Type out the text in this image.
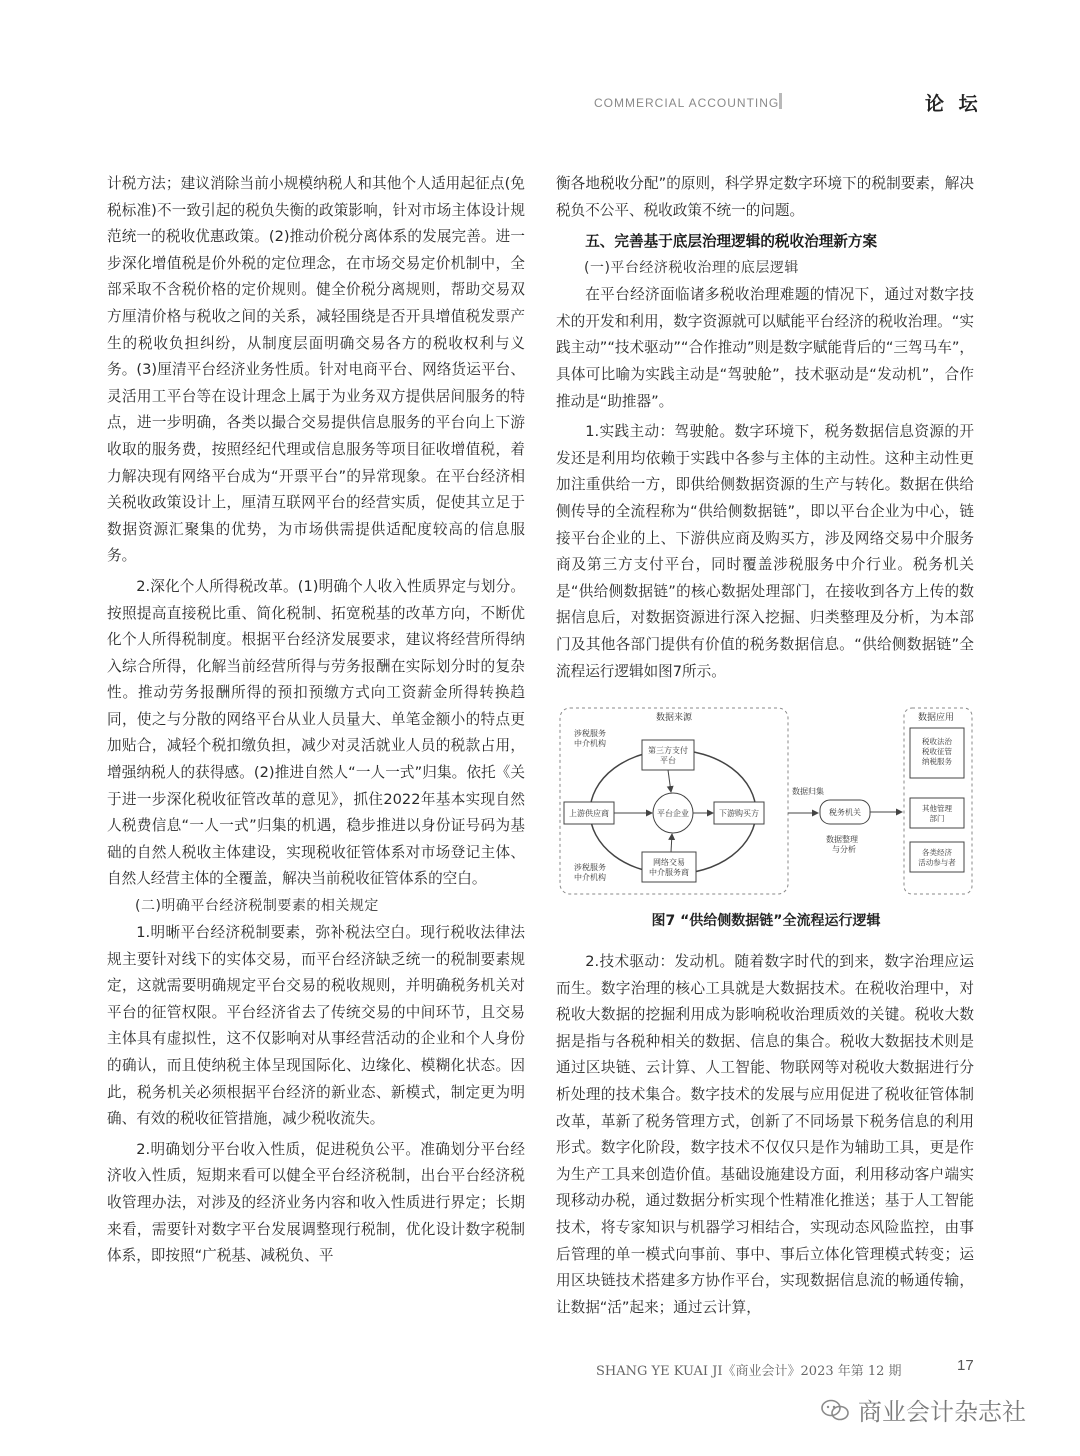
COMMERCIAL ACCOUNTING	论 坛

计税方法；建议消除当前小规模纳税人和其他个人适用起征点(免税标准)不一致引起的税负失衡的政策影响，针对市场主体设计规范统一的税收优惠政策。(2)推动价税分离体系的发展完善。进一步深化增值税是价外税的定位理念，在市场交易定价机制中，全部采取不含税价格的定价规则。健全价税分离规则，帮助交易双方厘清价格与税收之间的关系，减轻围绕是否开具增值税发票产生的税收负担纠纷，从制度层面明确交易各方的税收权利与义务。(3)厘清平台经济业务性质。针对电商平台、网络货运平台、灵活用工平台等在设计理念上属于为业务双方提供居间服务的特点，进一步明确，各类以撮合交易提供信息服务的平台向上下游收取的服务费，按照经纪代理或信息服务等项目征收增值税，着力解决现有网络平台成为“开票平台”的异常现象。在平台经济相关税收政策设计上，厘清互联网平台的经营实质，促使其立足于数据资源汇聚集的优势，为市场供需提供适配度较高的信息服务。

2.深化个人所得税改革。(1)明确个人收入性质界定与划分。按照提高直接税比重、简化税制、拓宽税基的改革方向，不断优化个人所得税制度。根据平台经济发展要求，建议将经营所得纳入综合所得，化解当前经营所得与劳务报酬在实际划分时的复杂性。推动劳务报酬所得的预扣预缴方式向工资薪金所得转换趋同，使之与分散的网络平台从业人员量大、单笔金额小的特点更加贴合，减轻个税扣缴负担，减少对灵活就业人员的税款占用，增强纳税人的获得感。(2)推进自然人“一人一式”归集。依托《关于进一步深化税收征管改革的意见》，抓住2022年基本实现自然人税费信息“一人一式”归集的机遇，稳步推进以身份证号码为基础的自然人税收主体建设，实现税收征管体系对市场登记主体、自然人经营主体的全覆盖，解决当前税收征管体系的空白。

(二)明确平台经济税制要素的相关规定

1.明晰平台经济税制要素，弥补税法空白。现行税收法律法规主要针对线下的实体交易，而平台经济缺乏统一的税制要素规定，这就需要明确规定平台交易的税收规则，并明确税务机关对平台的征管权限。平台经济省去了传统交易的中间环节，且交易主体具有虚拟性，这不仅影响对从事经营活动的企业和个人身份的确认，而且使纳税主体呈现国际化、边缘化、模糊化状态。因此，税务机关必须根据平台经济的新业态、新模式，制定更为明确、有效的税收征管措施，减少税收流失。

2.明确划分平台收入性质，促进税负公平。准确划分平台经济收入性质，短期来看可以健全平台经济税制，出台平台经济税收管理办法，对涉及的经济业务内容和收入性质进行界定；长期来看，需要针对数字平台发展调整现行税制，优化设计数字税制体系，即按照“广税基、减税负、平

衡各地税收分配”的原则，科学界定数字环境下的税制要素，解决税负不公平、税收政策不统一的问题。

五、完善基于底层治理逻辑的税收治理新方案

(一)平台经济税收治理的底层逻辑

在平台经济面临诸多税收治理难题的情况下，通过对数字技术的开发和利用，数字资源就可以赋能平台经济的税收治理。“实践主动”“技术驱动”“合作推动”则是数字赋能背后的“三驾马车”，具体可比喻为实践主动是“驾驶舱”，技术驱动是“发动机”，合作推动是“助推器”。

1.实践主动：驾驶舱。数字环境下，税务数据信息资源的开发还是利用均依赖于实践中各参与主体的主动性。这种主动性更加注重供给一方，即供给侧数据资源的生产与转化。数据在供给侧传导的全流程称为“供给侧数据链”，即以平台企业为中心，链接平台企业的上、下游供应商及购买方，涉及网络交易中介服务商及第三方支付平台，同时覆盖涉税服务中介行业。税务机关是“供给侧数据链”的核心数据处理部门，在接收到各方上传的数据信息后，对数据资源进行深入挖掘、归类整理及分析，为本部门及其他各部门提供有价值的税务数据信息。“供给侧数据链”全流程运行逻辑如图7所示。

数据来源
涉税服务中介机构
第三方支付平台
上游供应商	平台企业	下游购买方
网络交易中介服务商
涉税服务中介机构
数据归集
税务机关
数据整理与分析
数据应用
税收法治税收征管纳税服务
其他管理部门
各类经济活动参与者
图7 “供给侧数据链”全流程运行逻辑

2.技术驱动：发动机。随着数字时代的到来，数字治理应运而生。数字治理的核心工具就是大数据技术。在税收治理中，对税收大数据的挖掘利用成为影响税收治理质效的关键。税收大数据是指与各税种相关的数据、信息的集合。税收大数据技术则是通过区块链、云计算、人工智能、物联网等对税收大数据进行分析处理的技术集合。数字技术的发展与应用促进了税收征管体制改革，革新了税务管理方式，创新了不同场景下税务信息的利用形式。数字化阶段，数字技术不仅仅只是作为辅助工具，更是作为生产工具来创造价值。基础设施建设方面，利用移动客户端实现移动办税，通过数据分析实现个性精准化推送；基于人工智能技术，将专家知识与机器学习相结合，实现动态风险监控，由事后管理的单一模式向事前、事中、事后立体化管理模式转变；运用区块链技术搭建多方协作平台，实现数据信息流的畅通传输，让数据“活”起来；通过云计算，

SHANG YE KUAI JI《商业会计》2023 年第 12 期	17
商业会计杂志社
